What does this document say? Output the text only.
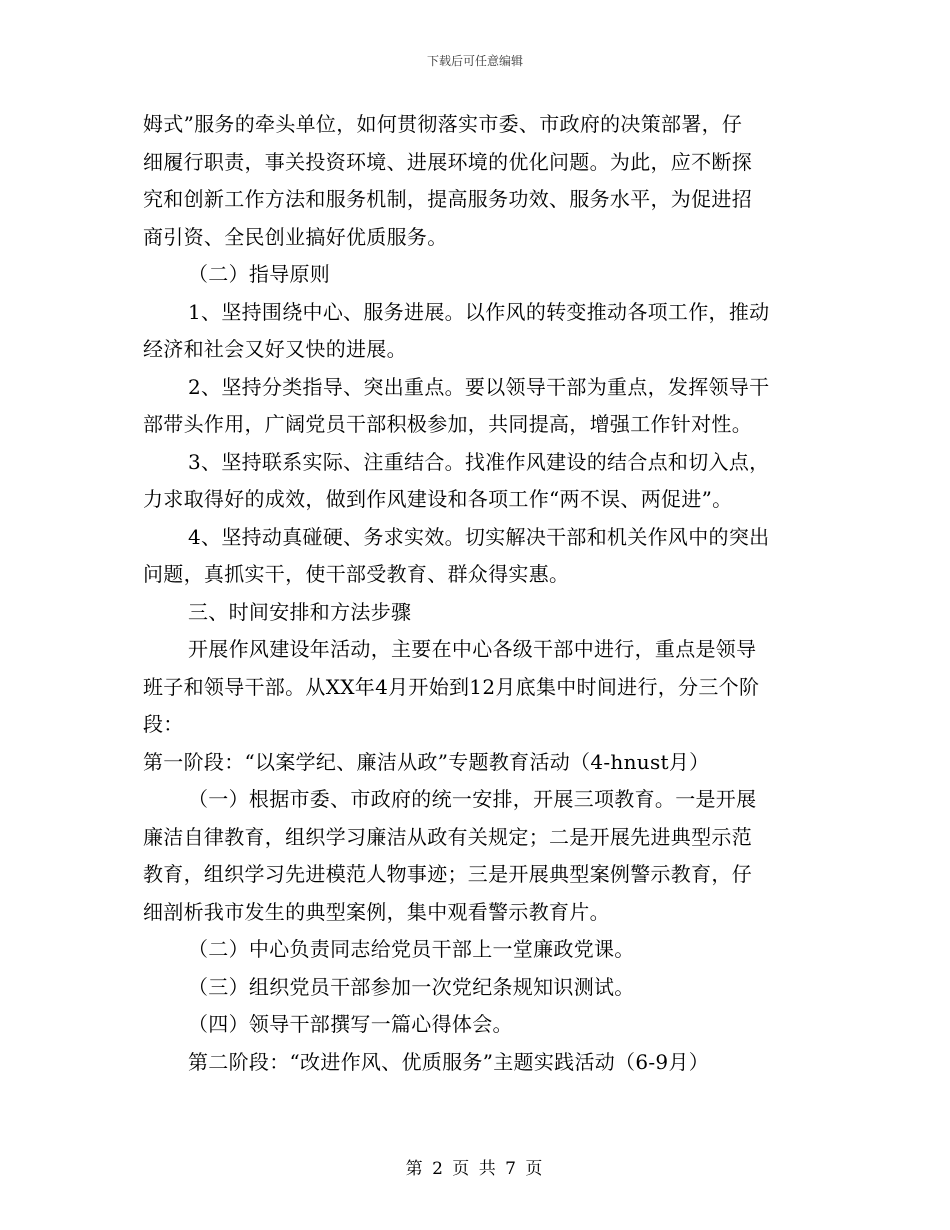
下载后可任意编辑

姆式”服务的牵头单位，如何贯彻落实市委、市政府的决策部署，仔

细履行职责，事关投资环境、进展环境的优化问题。为此，应不断探

究和创新工作方法和服务机制，提高服务功效、服务水平，为促进招

商引资、全民创业搞好优质服务。

（二）指导原则

1、坚持围绕中心、服务进展。以作风的转变推动各项工作，推动

经济和社会又好又快的进展。

2、坚持分类指导、突出重点。要以领导干部为重点，发挥领导干

部带头作用，广阔党员干部积极参加，共同提高，增强工作针对性。

3、坚持联系实际、注重结合。找准作风建设的结合点和切入点，

力求取得好的成效，做到作风建设和各项工作“两不误、两促进”。

4、坚持动真碰硬、务求实效。切实解决干部和机关作风中的突出

问题，真抓实干，使干部受教育、群众得实惠。

三、时间安排和方法步骤

开展作风建设年活动，主要在中心各级干部中进行，重点是领导

班子和领导干部。从XX年4月开始到12月底集中时间进行，分三个阶

段：

第一阶段：“以案学纪、廉洁从政”专题教育活动（4-hnust月）

（一）根据市委、市政府的统一安排，开展三项教育。一是开展

廉洁自律教育，组织学习廉洁从政有关规定；二是开展先进典型示范

教育，组织学习先进模范人物事迹；三是开展典型案例警示教育，仔

细剖析我市发生的典型案例，集中观看警示教育片。

（二）中心负责同志给党员干部上一堂廉政党课。

（三）组织党员干部参加一次党纪条规知识测试。

（四）领导干部撰写一篇心得体会。

第二阶段：“改进作风、优质服务”主题实践活动（6-9月）

第 2 页 共 7 页
